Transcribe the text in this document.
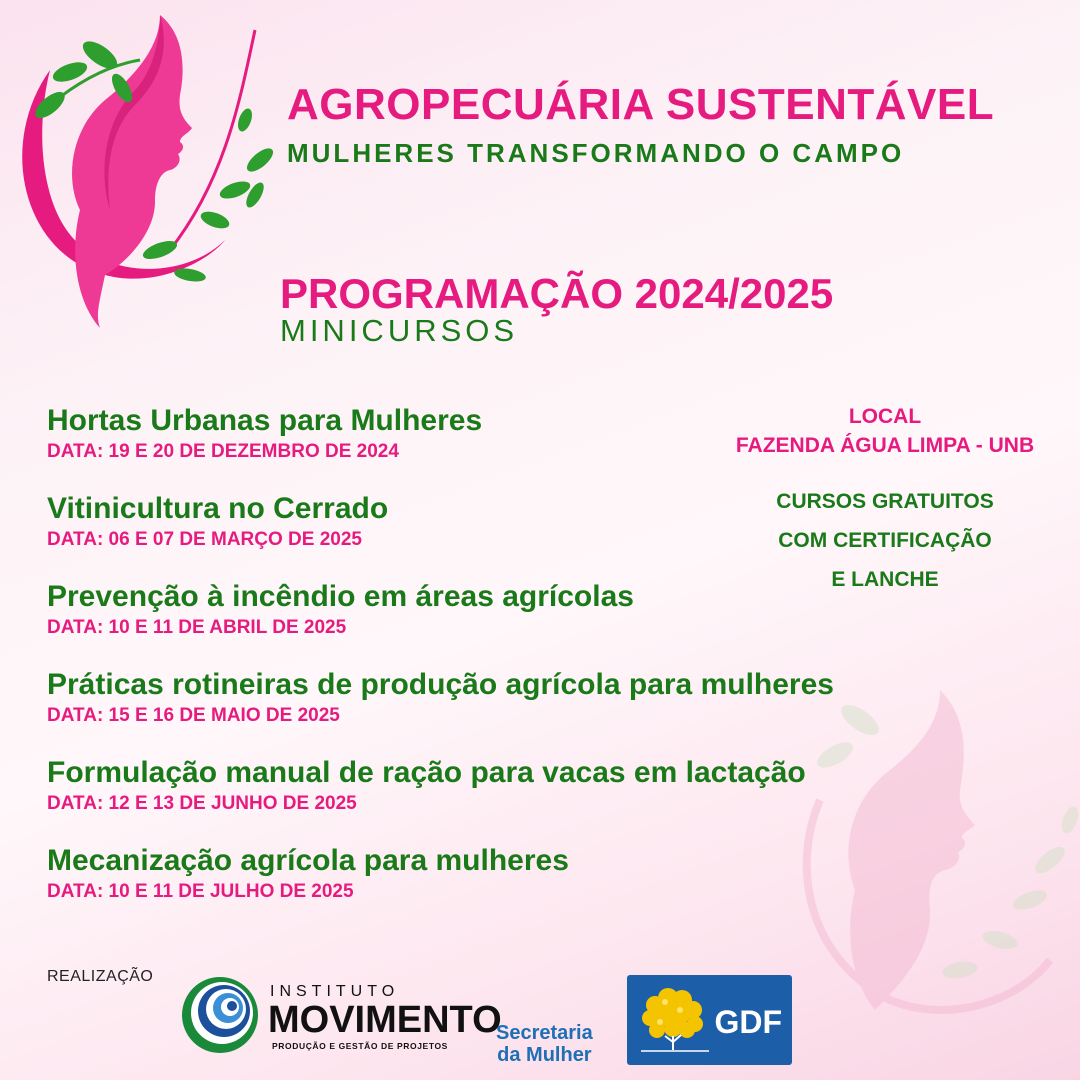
AGROPECUÁRIA SUSTENTÁVEL
MULHERES TRANSFORMANDO O CAMPO
PROGRAMAÇÃO 2024/2025
MINICURSOS
Hortas Urbanas para Mulheres
DATA: 19 E 20 DE DEZEMBRO DE 2024
Vitinicultura no Cerrado
DATA: 06 E 07 DE MARÇO DE 2025
Prevenção à incêndio em áreas agrícolas
DATA: 10 E 11 DE ABRIL DE 2025
Práticas rotineiras de produção agrícola para mulheres
DATA: 15 E 16 DE MAIO DE 2025
Formulação manual de ração para vacas em lactação
DATA: 12 E 13 DE JUNHO DE 2025
Mecanização agrícola para mulheres
DATA: 10 E 11 DE JULHO DE 2025
LOCAL
FAZENDA ÁGUA LIMPA - UNB
CURSOS GRATUITOS
COM CERTIFICAÇÃO
E LANCHE
REALIZAÇÃO
INSTITUTO
MOVIMENTO
PRODUÇÃO E GESTÃO DE PROJETOS
Secretaria
da Mulher
GDF
